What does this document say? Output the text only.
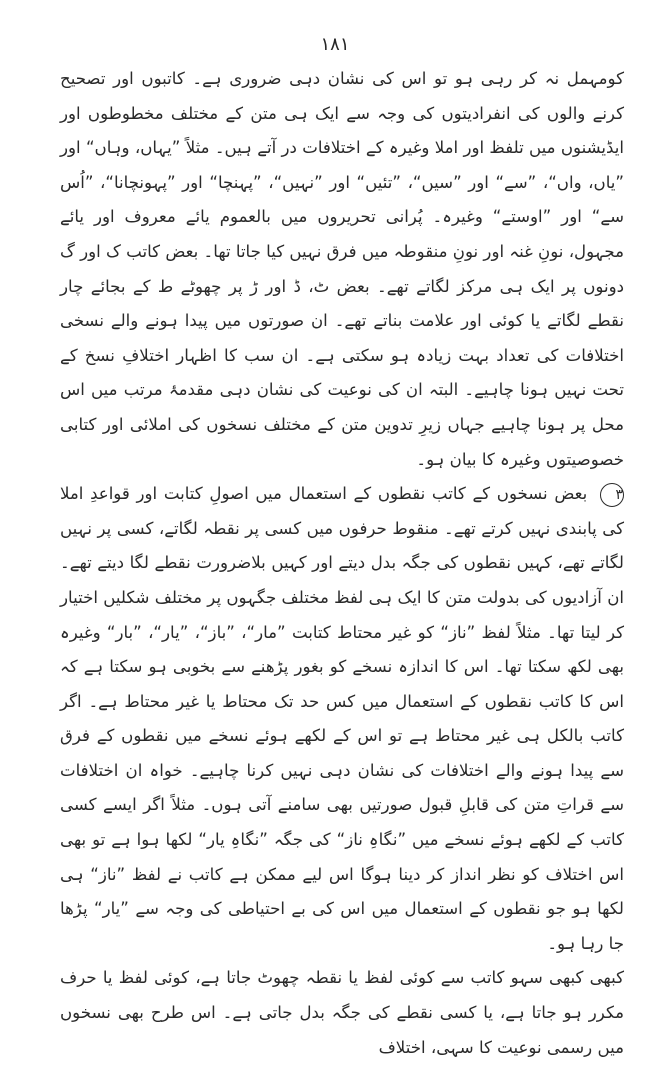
۱۸۱

کومہمل نہ کر رہی ہو تو اس کی نشان دہی ضروری ہے۔ کاتبوں اور تصحیح کرنے والوں کی انفرادیتوں کی وجہ سے ایک ہی متن کے مختلف مخطوطوں اور ایڈیشنوں میں تلفظ اور املا وغیرہ کے اختلافات در آتے ہیں۔ مثلاً ”یہاں، وہاں“ اور ”یاں، واں“، ”سے“ اور ”سیں“، ”تئیں“ اور ”نہیں“، ”پہنچا“ اور ”پہونچانا“، ”اُس سے“ اور ”اوستے“ وغیرہ۔ پُرانی تحریروں میں بالعموم یائے معروف اور یائے مجہول، نونِ غنہ اور نونِ منقوطہ میں فرق نہیں کیا جاتا تھا۔ بعض کاتب ک اور گ دونوں پر ایک ہی مرکز لگاتے تھے۔ بعض ٹ، ڈ اور ڑ پر چھوٹے ط کے بجائے چار نقطے لگاتے یا کوئی اور علامت بناتے تھے۔ ان صورتوں میں پیدا ہونے والے نسخی اختلافات کی تعداد بہت زیادہ ہو سکتی ہے۔ ان سب کا اظہار اختلافِ نسخ کے تحت نہیں ہونا چاہیے۔ البتہ ان کی نوعیت کی نشان دہی مقدمۂ مرتب میں اس محل پر ہونا چاہیے جہاں زیرِ تدوین متن کے مختلف نسخوں کی املائی اور کتابی خصوصیتوں وغیرہ کا بیان ہو۔

۳ بعض نسخوں کے کاتب نقطوں کے استعمال میں اصولِ کتابت اور قواعدِ املا کی پابندی نہیں کرتے تھے۔ منقوط حرفوں میں کسی پر نقطہ لگاتے، کسی پر نہیں لگاتے تھے، کہیں نقطوں کی جگہ بدل دیتے اور کہیں بلاضرورت نقطے لگا دیتے تھے۔ ان آزادیوں کی بدولت متن کا ایک ہی لفظ مختلف جگہوں پر مختلف شکلیں اختیار کر لیتا تھا۔ مثلاً لفظ ”ناز“ کو غیر محتاط کتابت ”مار“، ”باز“، ”یار“، ”بار“ وغیرہ بھی لکھ سکتا تھا۔ اس کا اندازہ نسخے کو بغور پڑھنے سے بخوبی ہو سکتا ہے کہ اس کا کاتب نقطوں کے استعمال میں کس حد تک محتاط یا غیر محتاط ہے۔ اگر کاتب بالکل ہی غیر محتاط ہے تو اس کے لکھے ہوئے نسخے میں نقطوں کے فرق سے پیدا ہونے والے اختلافات کی نشان دہی نہیں کرنا چاہیے۔ خواہ ان اختلافات سے قراتِ متن کی قابلِ قبول صورتیں بھی سامنے آتی ہوں۔ مثلاً اگر ایسے کسی کاتب کے لکھے ہوئے نسخے میں ”نگاہِ ناز“ کی جگہ ”نگاہِ یار“ لکھا ہوا ہے تو بھی اس اختلاف کو نظر انداز کر دینا ہوگا اس لیے ممکن ہے کاتب نے لفظ ”ناز“ ہی لکھا ہو جو نقطوں کے استعمال میں اس کی بے احتیاطی کی وجہ سے ”یار“ پڑھا جا رہا ہو۔

کبھی کبھی سہو کاتب سے کوئی لفظ یا نقطہ چھوٹ جاتا ہے، کوئی لفظ یا حرف مکرر ہو جاتا ہے، یا کسی نقطے کی جگہ بدل جاتی ہے۔ اس طرح بھی نسخوں میں رسمی نوعیت کا سہی، اختلاف
